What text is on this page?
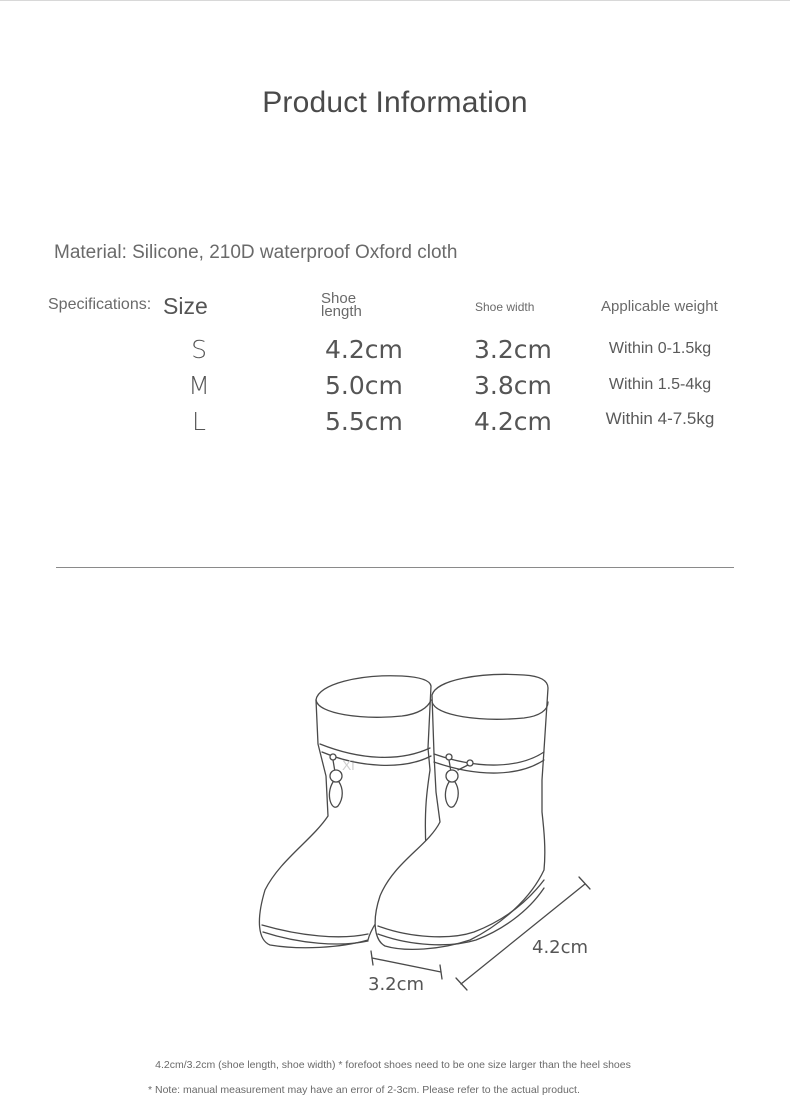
Product Information
Material: Silicone, 210D waterproof Oxford cloth
Specifications: Size	Shoe length	Shoe width	Applicable weight
S	4.2cm	3.2cm	Within 0-1.5kg
M	5.0cm	3.8cm	Within 1.5-4kg
L	5.5cm	4.2cm	Within 4-7.5kg
Xi
3.2cm
4.2cm
4.2cm/3.2cm (shoe length, shoe width) * forefoot shoes need to be one size larger than the heel shoes
* Note: manual measurement may have an error of 2-3cm. Please refer to the actual product.
